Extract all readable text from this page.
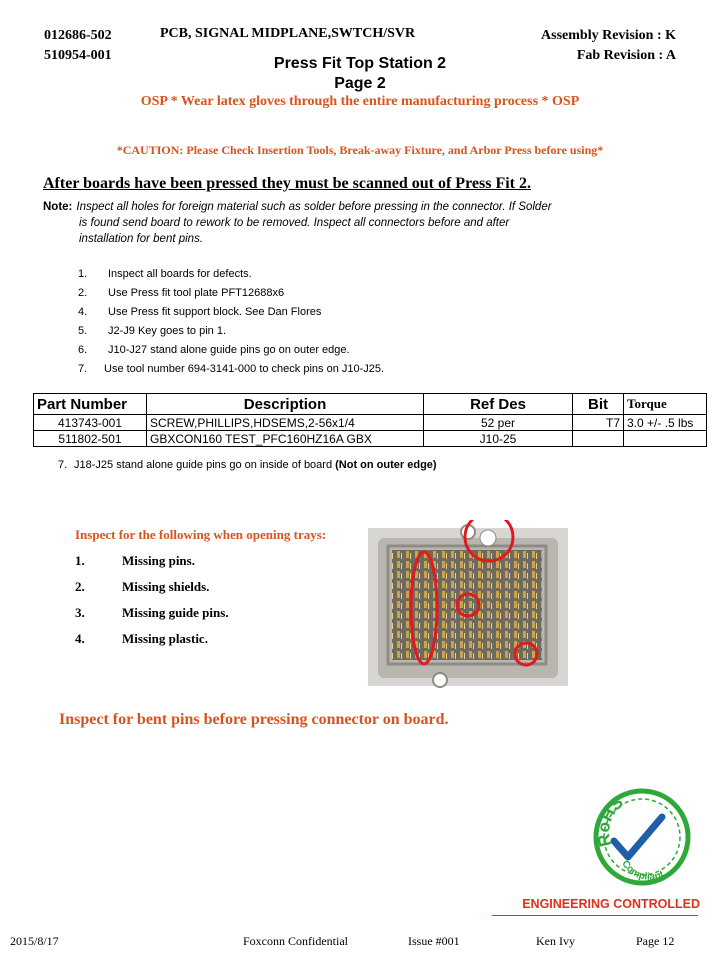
012686-502
510954-001
PCB, SIGNAL MIDPLANE,SWTCH/SVR	Assembly Revision : K
Fab Revision : A
Press Fit Top Station 2
Page 2
OSP * Wear latex gloves through the entire manufacturing process * OSP
*CAUTION: Please Check Insertion Tools, Break-away Fixture, and Arbor Press before using*
After boards have been pressed they must be scanned out of Press Fit 2.
Note: Inspect all holes for foreign material such as solder before pressing in the connector. If Solder
is found send board to rework to be removed. Inspect all connectors before and after
installation for bent pins.
1. Inspect all boards for defects.
2. Use Press fit tool plate PFT12688x6
4. Use Press fit support block. See Dan Flores
5. J2-J9 Key goes to pin 1.
6. J10-J27 stand alone guide pins go on outer edge.
7. Use tool number 694-3141-000 to check pins on J10-J25.
Part Number	Description	Ref Des	Bit	Torque
413743-001	SCREW,PHILLIPS,HDSEMS,2-56x1/4	52 per	T7	3.0 +/- .5 lbs
511802-501	GBXCON160 TEST_PFC160HZ16A GBX	J10-25		
7. J18-J25 stand alone guide pins go on inside of board (Not on outer edge)
Inspect for the following when opening trays:
1.	Missing pins.
2.	Missing shields.
3.	Missing guide pins.
4.	Missing plastic.
Inspect for bent pins before pressing connector on board.
RoHS
Compliant
ENGINEERING CONTROLLED
2015/8/17	Foxconn Confidential	Issue #001	Ken Ivy	Page 12
